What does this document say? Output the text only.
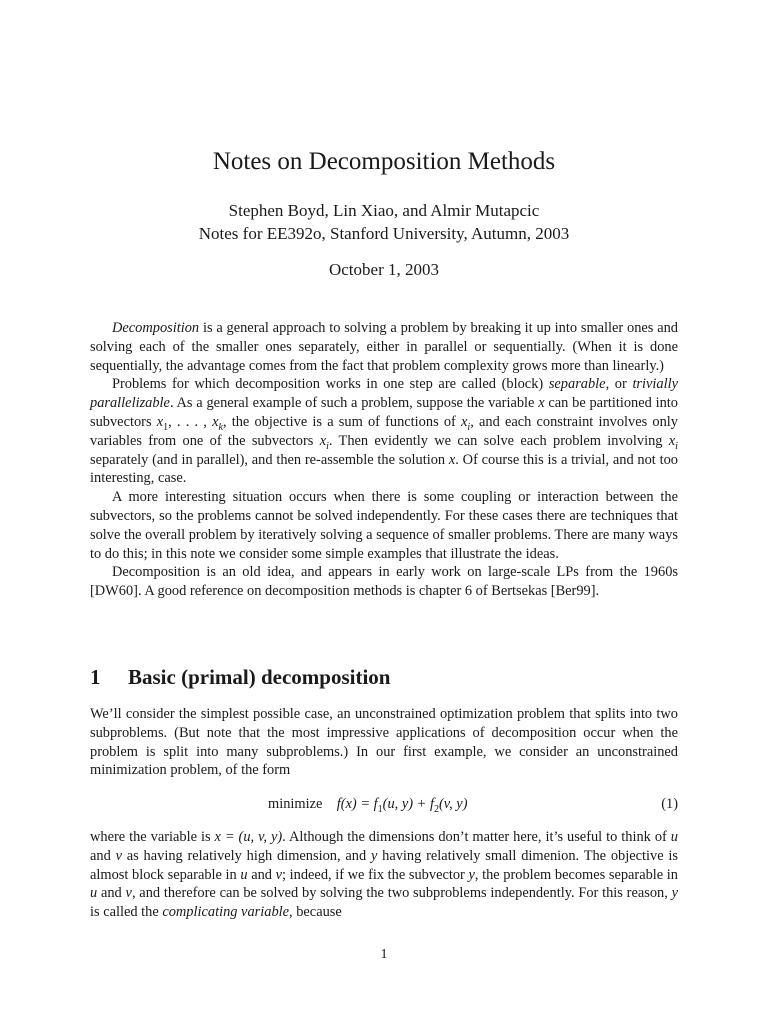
Notes on Decomposition Methods
Stephen Boyd, Lin Xiao, and Almir Mutapcic
Notes for EE392o, Stanford University, Autumn, 2003
October 1, 2003

Decomposition is a general approach to solving a problem by breaking it up into smaller ones and solving each of the smaller ones separately, either in parallel or sequentially. (When it is done sequentially, the advantage comes from the fact that problem complexity grows more than linearly.)

Problems for which decomposition works in one step are called (block) separable, or trivially parallelizable. As a general example of such a problem, suppose the variable x can be partitioned into subvectors $x_1$, . . . , $x_k$, the objective is a sum of functions of $x_i$, and each constraint involves only variables from one of the subvectors $x_i$. Then evidently we can solve each problem involving $x_i$ separately (and in parallel), and then re-assemble the solution x. Of course this is a trivial, and not too interesting, case.

A more interesting situation occurs when there is some coupling or interaction between the subvectors, so the problems cannot be solved independently. For these cases there are techniques that solve the overall problem by iteratively solving a sequence of smaller problems. There are many ways to do this; in this note we consider some simple examples that illustrate the ideas.

Decomposition is an old idea, and appears in early work on large-scale LPs from the 1960s [DW60]. A good reference on decomposition methods is chapter 6 of Bertsekas [Ber99].

1 Basic (primal) decomposition

We’ll consider the simplest possible case, an unconstrained optimization problem that splits into two subproblems. (But note that the most impressive applications of decomposition occur when the problem is split into many subproblems.) In our first example, we consider an unconstrained minimization problem, of the form

minimize $f(x) = f_1(u$, $y) + f_2(v$, y)	(1)

where the variable is x = (u, v, y). Although the dimensions don’t matter here, it’s useful to think of u and v as having relatively high dimension, and y having relatively small dimenion. The objective is almost block separable in u and v; indeed, if we fix the subvector y, the problem becomes separable in u and v, and therefore can be solved by solving the two subproblems independently. For this reason, y is called the complicating variable, because

1
